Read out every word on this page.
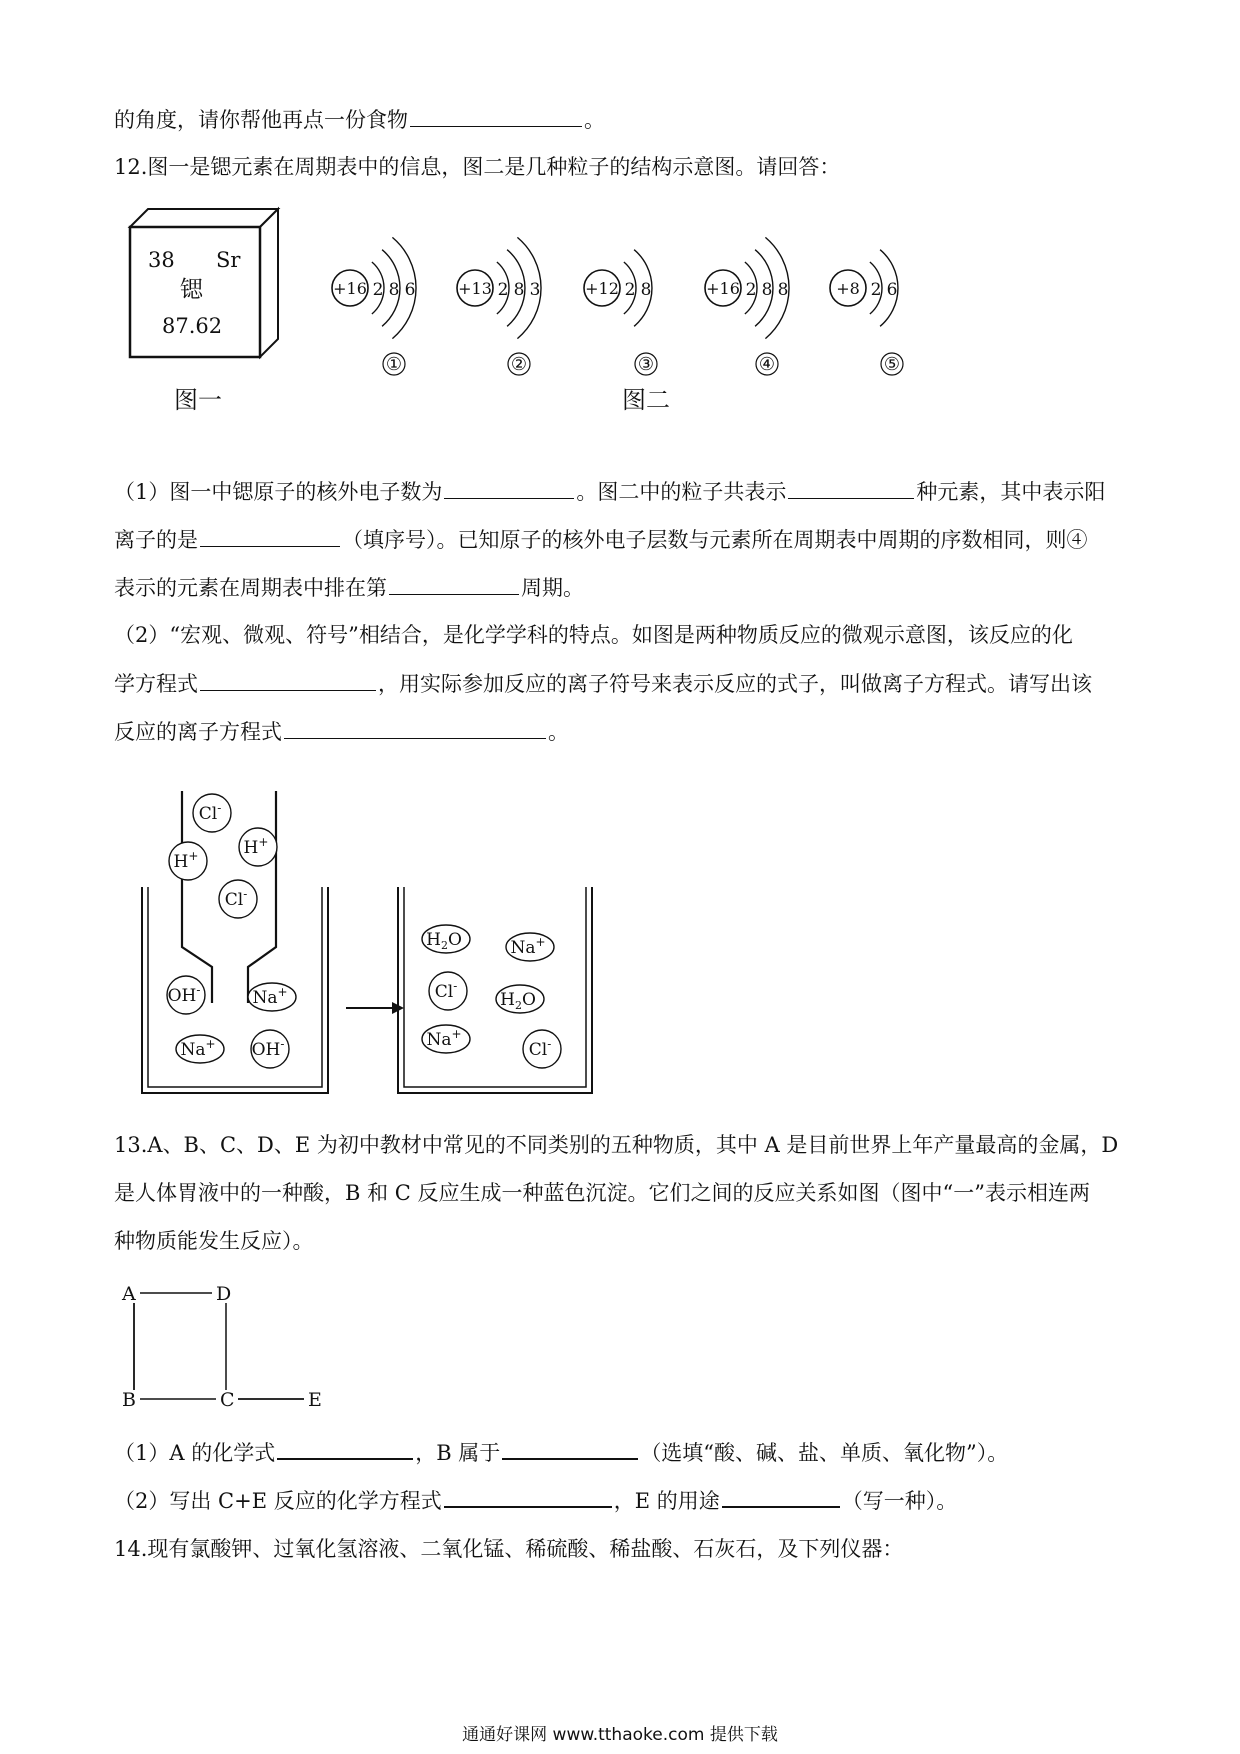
的角度，请你帮他再点一份食物	。
12.图一是锶元素在周期表中的信息，图二是几种粒子的结构示意图。请回答：
38 Sr
锶
87.62
图一
+16 2 8 6
①
+13 2 8 3
②
+12 2 8
③
+16 2 8 8
④
+8 2 6
⑤
图二
（1）图一中锶原子的核外电子数为	。图二中的粒子共表示	种元素，其中表示阳
离子的是	（填序号）。已知原子的核外电子层数与元素所在周期表中周期的序数相同，则④
表示的元素在周期表中排在第	周期。
（2）“宏观、微观、符号”相结合，是化学学科的特点。如图是两种物质反应的微观示意图，该反应的化
学方程式	，用实际参加反应的离子符号来表示反应的式子，叫做离子方程式。请写出该
反应的离子方程式	。
Cl-
H+
H+
Cl-
OH-	Na+
Na+ OH-
$H_2O$	Na+
Cl-
$H_2O$
Na+
Cl-
13.A、B、C、D、E 为初中教材中常见的不同类别的五种物质，其中 A 是目前世界上年产量最高的金属，D
是人体胃液中的一种酸，B 和 C 反应生成一种蓝色沉淀。它们之间的反应关系如图（图中“一”表示相连两
种物质能发生反应）。
A	D
B	C	E
（1）A 的化学式	，B 属于	（选填“酸、碱、盐、单质、氧化物”）。
（2）写出 C+E 反应的化学方程式	，E 的用途	（写一种）。
14.现有氯酸钾、过氧化氢溶液、二氧化锰、稀硫酸、稀盐酸、石灰石，及下列仪器：
通通好课网 www.tthaoke.com 提供下载
